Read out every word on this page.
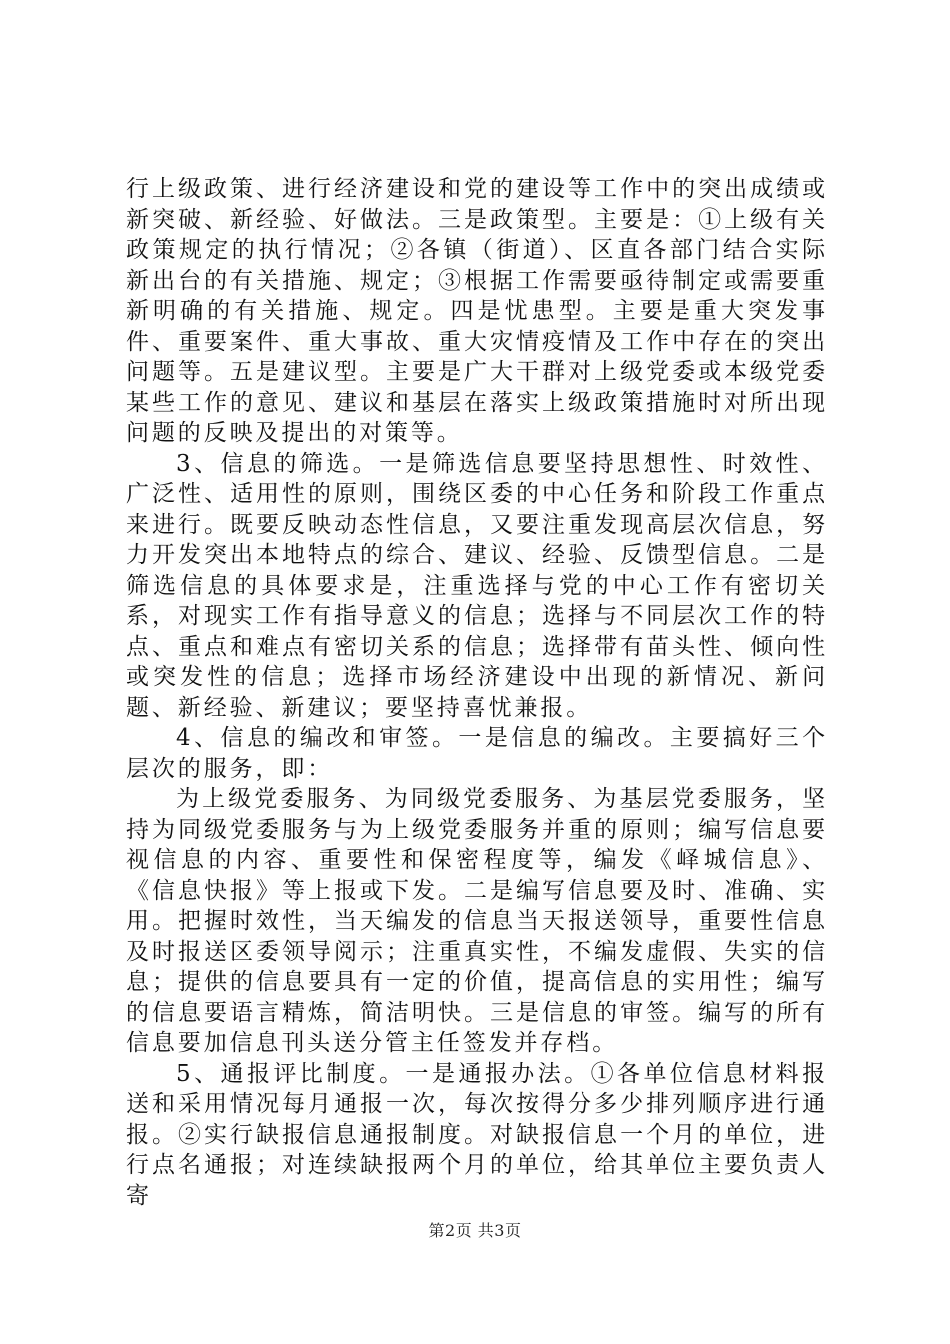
行上级政策、进行经济建设和党的建设等工作中的突出成绩或新突破、新经验、好做法。三是政策型。主要是：①上级有关政策规定的执行情况；②各镇（街道）、区直各部门结合实际新出台的有关措施、规定；③根据工作需要亟待制定或需要重新明确的有关措施、规定。四是忧患型。主要是重大突发事件、重要案件、重大事故、重大灾情疫情及工作中存在的突出问题等。五是建议型。主要是广大干群对上级党委或本级党委某些工作的意见、建议和基层在落实上级政策措施时对所出现问题的反映及提出的对策等。

3、信息的筛选。一是筛选信息要坚持思想性、时效性、广泛性、适用性的原则，围绕区委的中心任务和阶段工作重点来进行。既要反映动态性信息，又要注重发现高层次信息，努力开发突出本地特点的综合、建议、经验、反馈型信息。二是筛选信息的具体要求是，注重选择与党的中心工作有密切关系，对现实工作有指导意义的信息；选择与不同层次工作的特点、重点和难点有密切关系的信息；选择带有苗头性、倾向性或突发性的信息；选择市场经济建设中出现的新情况、新问题、新经验、新建议；要坚持喜忧兼报。

4、信息的编改和审签。一是信息的编改。主要搞好三个层次的服务，即：

为上级党委服务、为同级党委服务、为基层党委服务，坚持为同级党委服务与为上级党委服务并重的原则；编写信息要视信息的内容、重要性和保密程度等，编发《峄城信息》、《信息快报》等上报或下发。二是编写信息要及时、准确、实用。把握时效性，当天编发的信息当天报送领导，重要性信息及时报送区委领导阅示；注重真实性，不编发虚假、失实的信息；提供的信息要具有一定的价值，提高信息的实用性；编写的信息要语言精炼，简洁明快。三是信息的审签。编写的所有信息要加信息刊头送分管主任签发并存档。

5、通报评比制度。一是通报办法。①各单位信息材料报送和采用情况每月通报一次，每次按得分多少排列顺序进行通报。②实行缺报信息通报制度。对缺报信息一个月的单位，进行点名通报；对连续缺报两个月的单位，给其单位主要负责人寄

第2页 共3页
